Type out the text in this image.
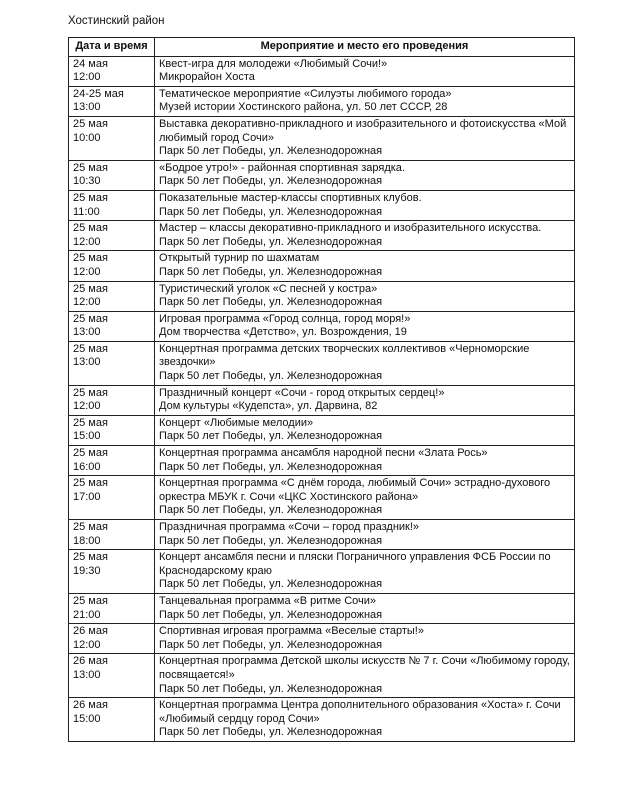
Хостинский район
Дата и время	Мероприятие и место его проведения

24 мая
12:00	Квест-игра для молодежи «Любимый Сочи!»
Микрорайон Хоста

24-25 мая
13:00	Тематическое мероприятие «Силуэты любимого города»
Музей истории Хостинского района, ул. 50 лет СССР, 28

25 мая
10:00	Выставка декоративно-прикладного и изобразительного и фотоискусства «Мой любимый город Сочи»
Парк 50 лет Победы, ул. Железнодорожная

25 мая
10:30	«Бодрое утро!» - районная спортивная зарядка.
Парк 50 лет Победы, ул. Железнодорожная

25 мая
11:00	Показательные мастер-классы спортивных клубов.
Парк 50 лет Победы, ул. Железнодорожная

25 мая
12:00	Мастер – классы декоративно-прикладного и изобразительного искусства.
Парк 50 лет Победы, ул. Железнодорожная

25 мая
12:00	Открытый турнир по шахматам
Парк 50 лет Победы, ул. Железнодорожная

25 мая
12:00	Туристический уголок «С песней у костра»
Парк 50 лет Победы, ул. Железнодорожная

25 мая
13:00	Игровая программа «Город солнца, город моря!»
Дом творчества «Детство», ул. Возрождения, 19

25 мая
13:00	Концертная программа детских творческих коллективов «Черноморские звездочки»
Парк 50 лет Победы, ул. Железнодорожная

25 мая
12:00	Праздничный концерт «Сочи - город открытых сердец!»
Дом культуры «Кудепста», ул. Дарвина, 82

25 мая
15:00	Концерт «Любимые мелодии»
Парк 50 лет Победы, ул. Железнодорожная

25 мая
16:00	Концертная программа ансамбля народной песни «Злата Рось»
Парк 50 лет Победы, ул. Железнодорожная

25 мая
17:00	Концертная программа «С днём города, любимый Сочи» эстрадно-духового оркестра МБУК г. Сочи «ЦКС Хостинского района»
Парк 50 лет Победы, ул. Железнодорожная

25 мая
18:00	Праздничная программа «Сочи – город праздник!»
Парк 50 лет Победы, ул. Железнодорожная

25 мая
19:30	Концерт ансамбля песни и пляски Пограничного управления ФСБ России по Краснодарскому краю
Парк 50 лет Победы, ул. Железнодорожная

25 мая
21:00	Танцевальная программа «В ритме Сочи»
Парк 50 лет Победы, ул. Железнодорожная

26 мая
12:00	Спортивная игровая программа «Веселые старты!»
Парк 50 лет Победы, ул. Железнодорожная

26 мая
13:00	Концертная программа Детской школы искусств № 7 г. Сочи «Любимому городу, посвящается!»
Парк 50 лет Победы, ул. Железнодорожная

26 мая
15:00	Концертная программа Центра дополнительного образования «Хоста» г. Сочи «Любимый сердцу город Сочи»
Парк 50 лет Победы, ул. Железнодорожная
